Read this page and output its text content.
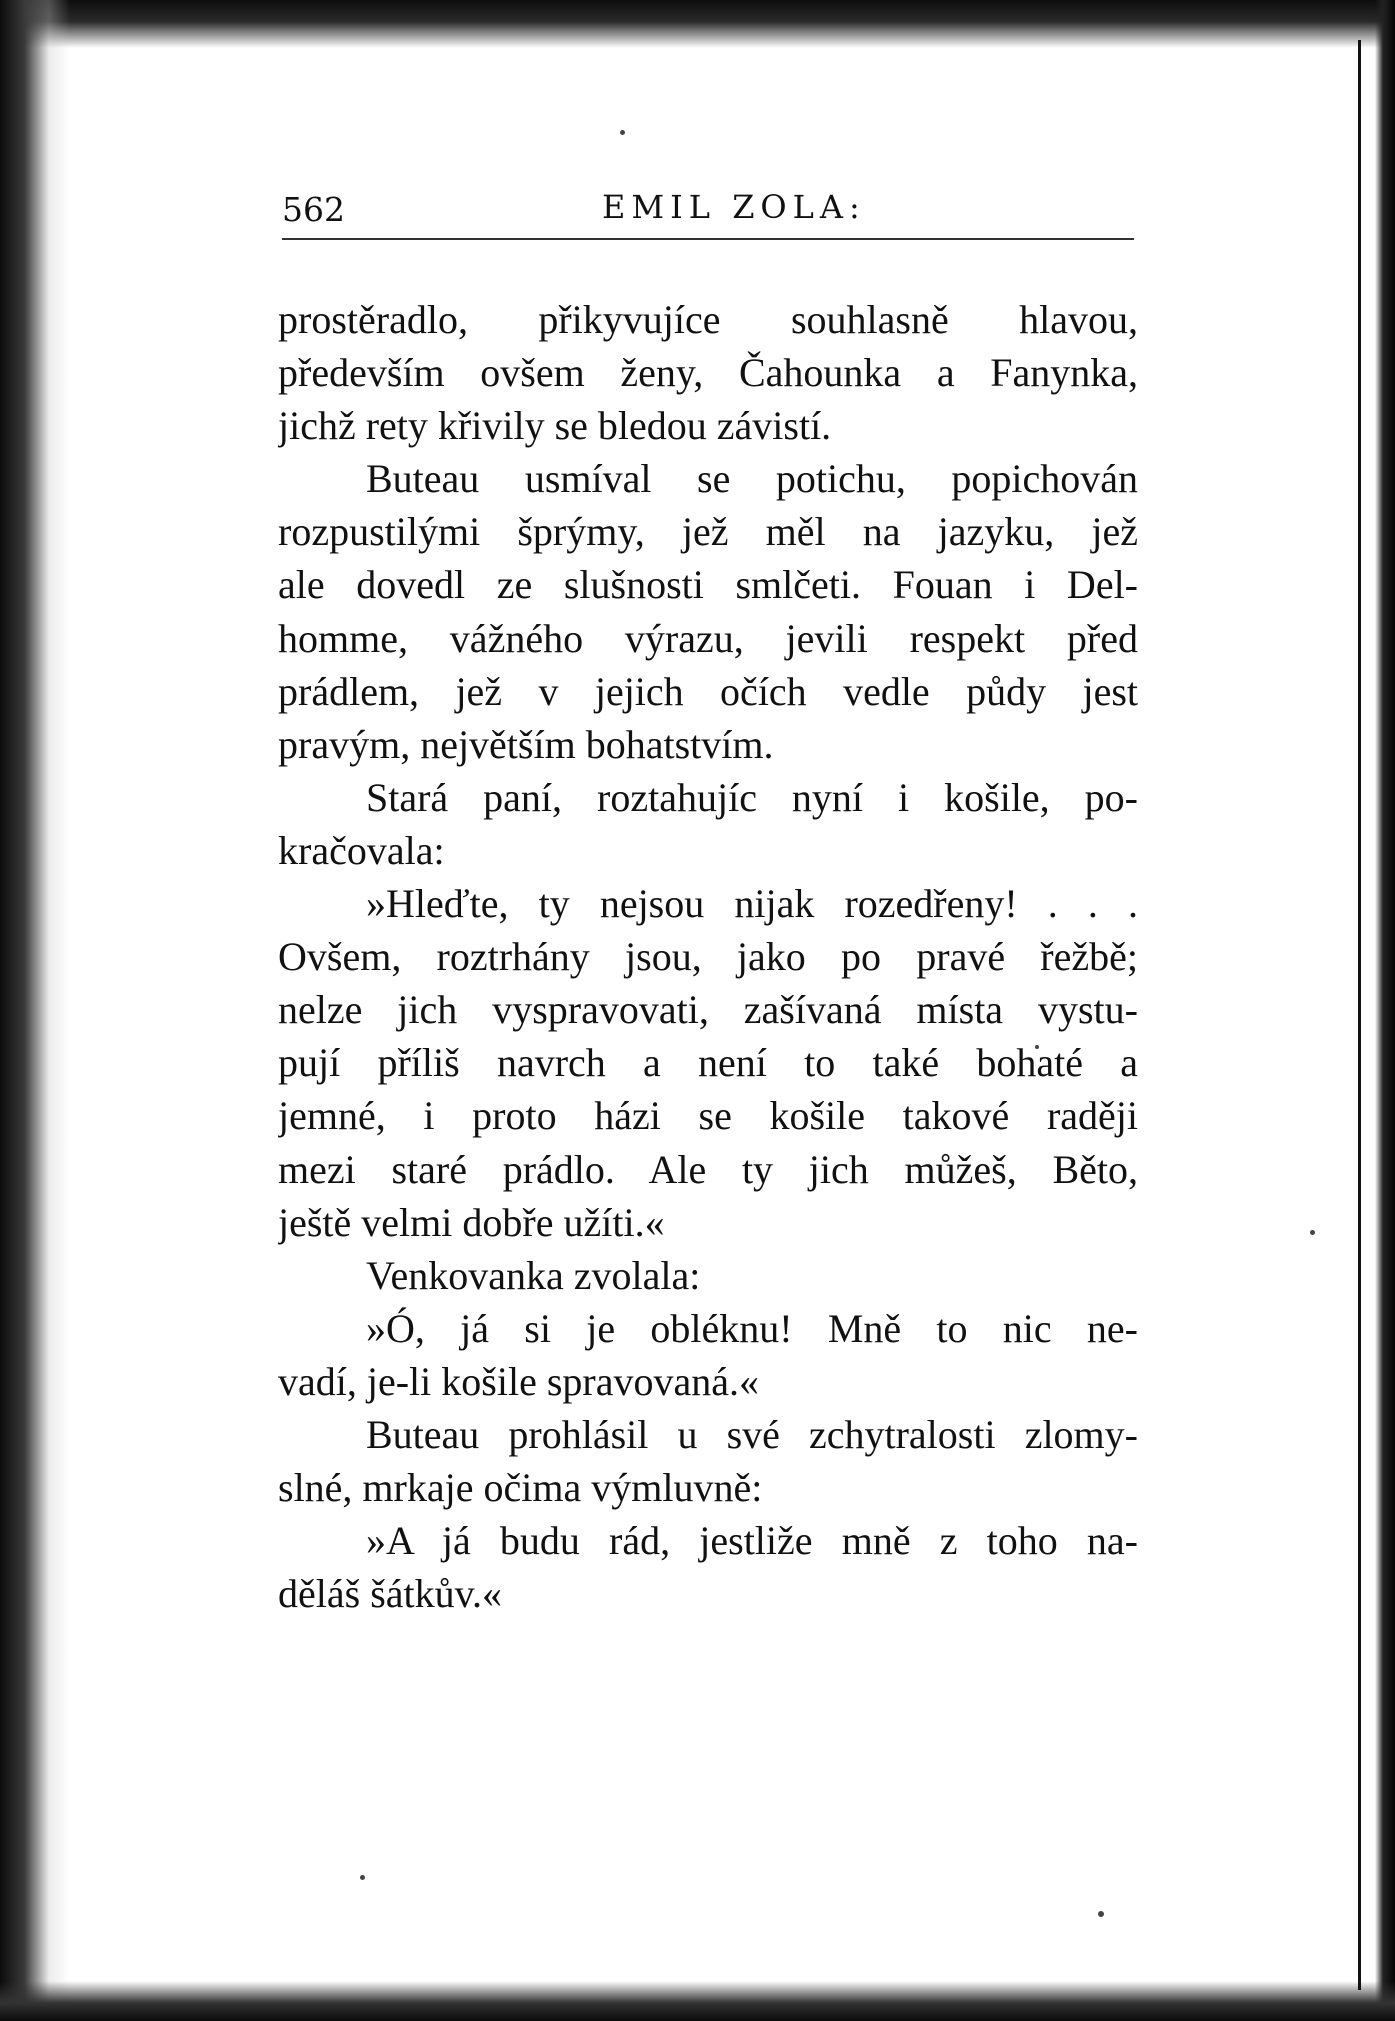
562	EMIL ZOLA:
prostěradlo, přikyvujíce souhlasně hlavou,
především ovšem ženy, Čahounka a Fanynka,
jichž rety křivily se bledou závistí.
Buteau usmíval se potichu, popichován
rozpustilými šprýmy, jež měl na jazyku, jež
ale dovedl ze slušnosti smlčeti. Fouan i Del-
homme, vážného výrazu, jevili respekt před
prádlem, jež v jejich očích vedle půdy jest
pravým, největším bohatstvím.
Stará paní, roztahujíc nyní i košile, po-
kračovala:
»Hleďte, ty nejsou nijak rozedřeny! . . .
Ovšem, roztrhány jsou, jako po pravé řežbě;
nelze jich vyspravovati, zašívaná místa vystu-
pují příliš navrch a není to také bohaté a
jemné, i proto házi se košile takové raději
mezi staré prádlo. Ale ty jich můžeš, Běto,
ještě velmi dobře užíti.«
Venkovanka zvolala:
»Ó, já si je obléknu! Mně to nic ne-
vadí, je-li košile spravovaná.«
Buteau prohlásil u své zchytralosti zlomy-
slné, mrkaje očima výmluvně:
»A já budu rád, jestliže mně z toho na-
děláš šátkův.«
